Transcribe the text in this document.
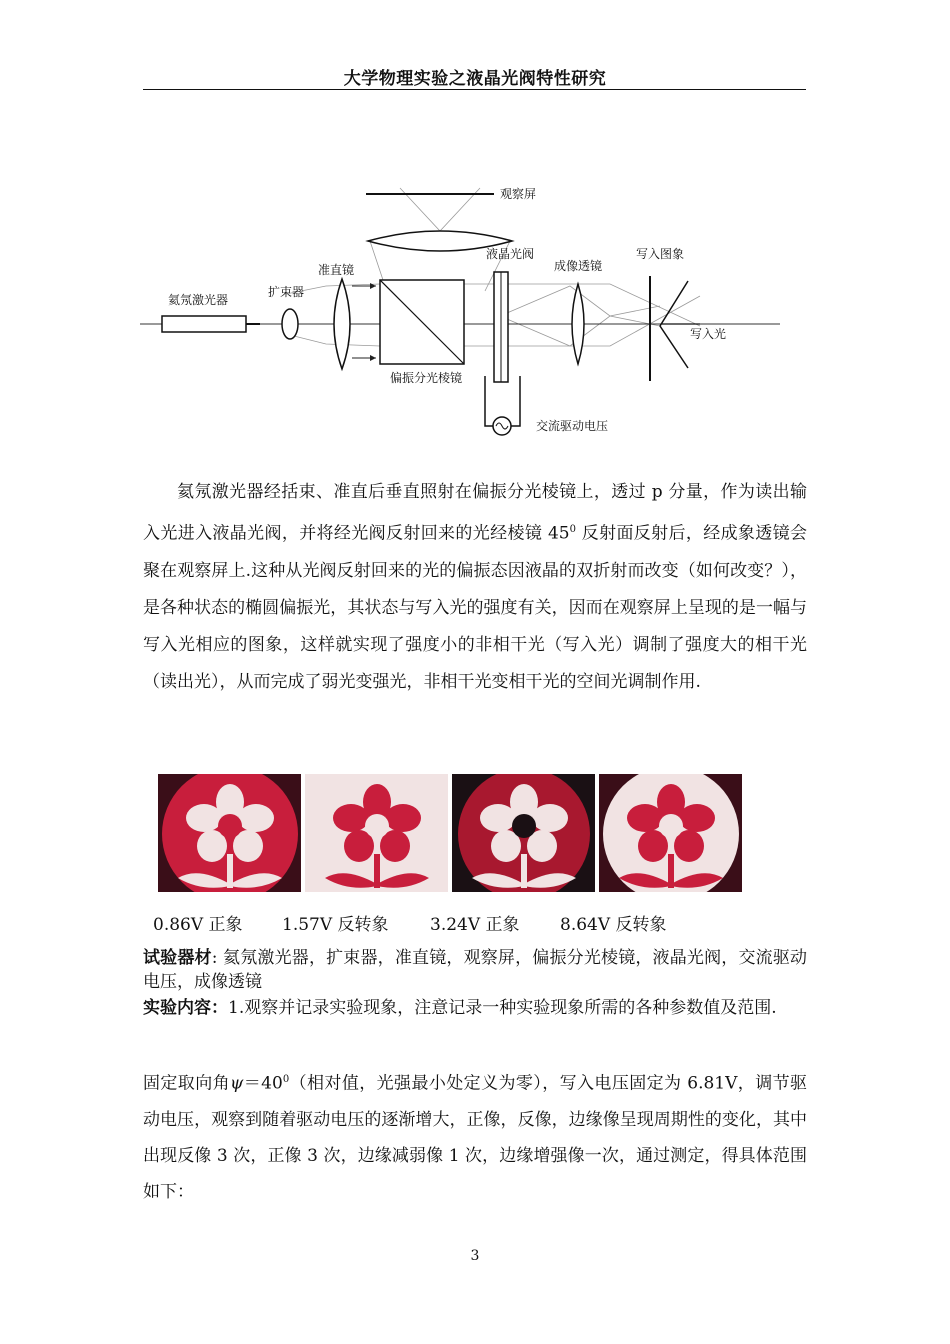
大学物理实验之液晶光阀特性研究
观察屏
液晶光阀
成像透镜
写入图象
氦氖激光器
扩束器
准直镜
写入光
偏振分光棱镜
交流驱动电压

氦氖激光器经括束、准直后垂直照射在偏振分光棱镜上，透过 p 分量，作为读出输入光进入液晶光阀，并将经光阀反射回来的光经棱镜 $45^0$ 反射面反射后，经成象透镜会聚在观察屏上.这种从光阀反射回来的光的偏振态因液晶的双折射而改变（如何改变？），是各种状态的椭圆偏振光，其状态与写入光的强度有关，因而在观察屏上呈现的是一幅与写入光相应的图象，这样就实现了强度小的非相干光（写入光）调制了强度大的相干光（读出光），从而完成了弱光变强光，非相干光变相干光的空间光调制作用.

0.86V 正象 1.57V 反转象 3.24V 正象 8.64V 反转象

试验器材: 氦氖激光器，扩束器，准直镜，观察屏，偏振分光棱镜，液晶光阀，交流驱动电压，成像透镜

实验内容：1.观察并记录实验现象，注意记录一种实验现象所需的各种参数值及范围.

固定取向角$\psi=40^0$（相对值，光强最小处定义为零），写入电压固定为 6.81V，调节驱动电压，观察到随着驱动电压的逐渐增大，正像，反像，边缘像呈现周期性的变化，其中出现反像 3 次，正像 3 次，边缘减弱像 1 次，边缘增强像一次，通过测定，得具体范围如下：

3
